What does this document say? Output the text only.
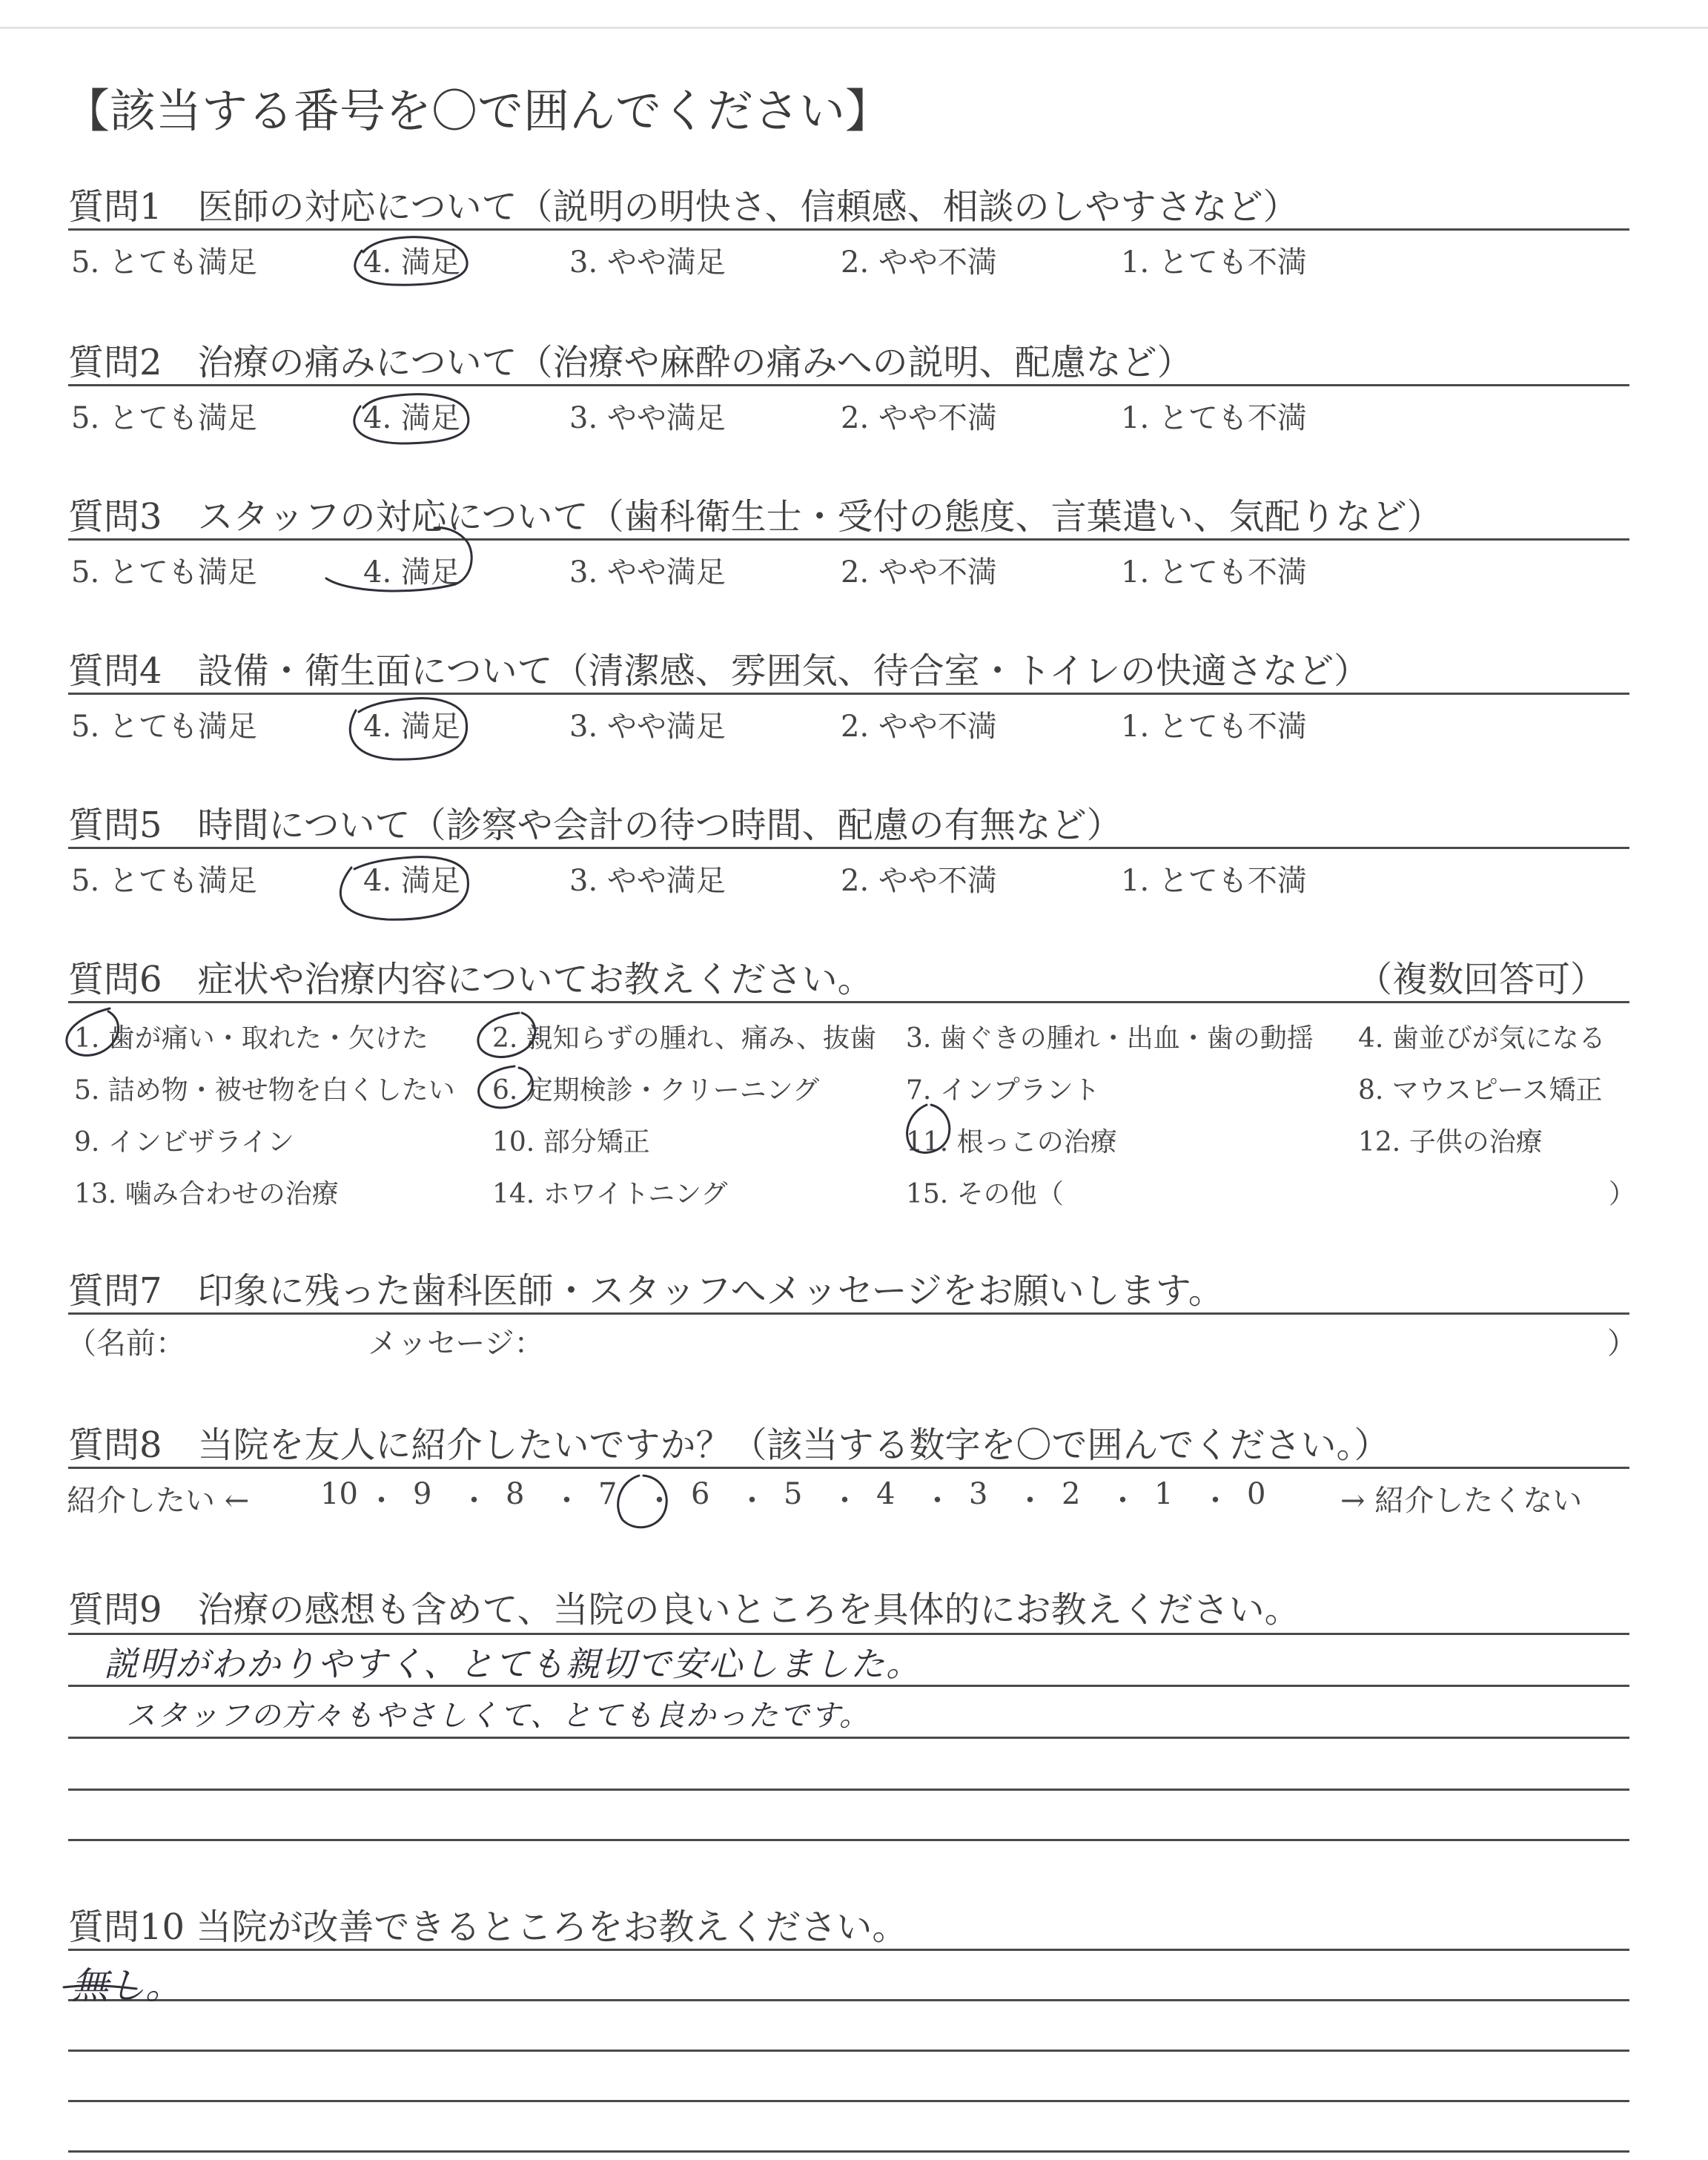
【該当する番号を〇で囲んでください】
質問1　医師の対応について（説明の明快さ、信頼感、相談のしやすさなど）
5. とても満足	4. 満足	3. やや満足	2. やや不満	1. とても不満
質問2　治療の痛みについて（治療や麻酔の痛みへの説明、配慮など）
5. とても満足	4. 満足	3. やや満足	2. やや不満	1. とても不満
質問3　スタッフの対応について（歯科衛生士・受付の態度、言葉遣い、気配りなど）
5. とても満足	4. 満足	3. やや満足	2. やや不満	1. とても不満
質問4　設備・衛生面について（清潔感、雰囲気、待合室・トイレの快適さなど）
5. とても満足	4. 満足	3. やや満足	2. やや不満	1. とても不満
質問5　時間について（診察や会計の待つ時間、配慮の有無など）
5. とても満足	4. 満足	3. やや満足	2. やや不満	1. とても不満
質問6　症状や治療内容についてお教えください。	（複数回答可）
1. 歯が痛い・取れた・欠けた 2. 親知らずの腫れ、痛み、抜歯 3. 歯ぐきの腫れ・出血・歯の動揺 4. 歯並びが気になる
5. 詰め物・被せ物を白くしたい 6. 定期検診・クリーニング	7. インプラント	8. マウスピース矯正
9. インビザライン	10. 部分矯正	11. 根っこの治療	12. 子供の治療
13. 噛み合わせの治療	14. ホワイトニング	15. その他（	）
質問7　印象に残った歯科医師・スタッフへメッセージをお願いします。
（名前：	メッセージ：	）
質問8　当院を友人に紹介したいですか？（該当する数字を〇で囲んでください。）
紹介したい ← 10 ・ 9 ・ 8 ・ 7 ・ 6 ・ 5 ・ 4 ・ 3 ・ 2 ・ 1 ・ 0	→ 紹介したくない
質問9　治療の感想も含めて、当院の良いところを具体的にお教えください。
説明がわかりやすく、とても親切で安心しました。
スタッフの方々もやさしくて、とても良かったです。
質問10 当院が改善できるところをお教えください。
無し。
